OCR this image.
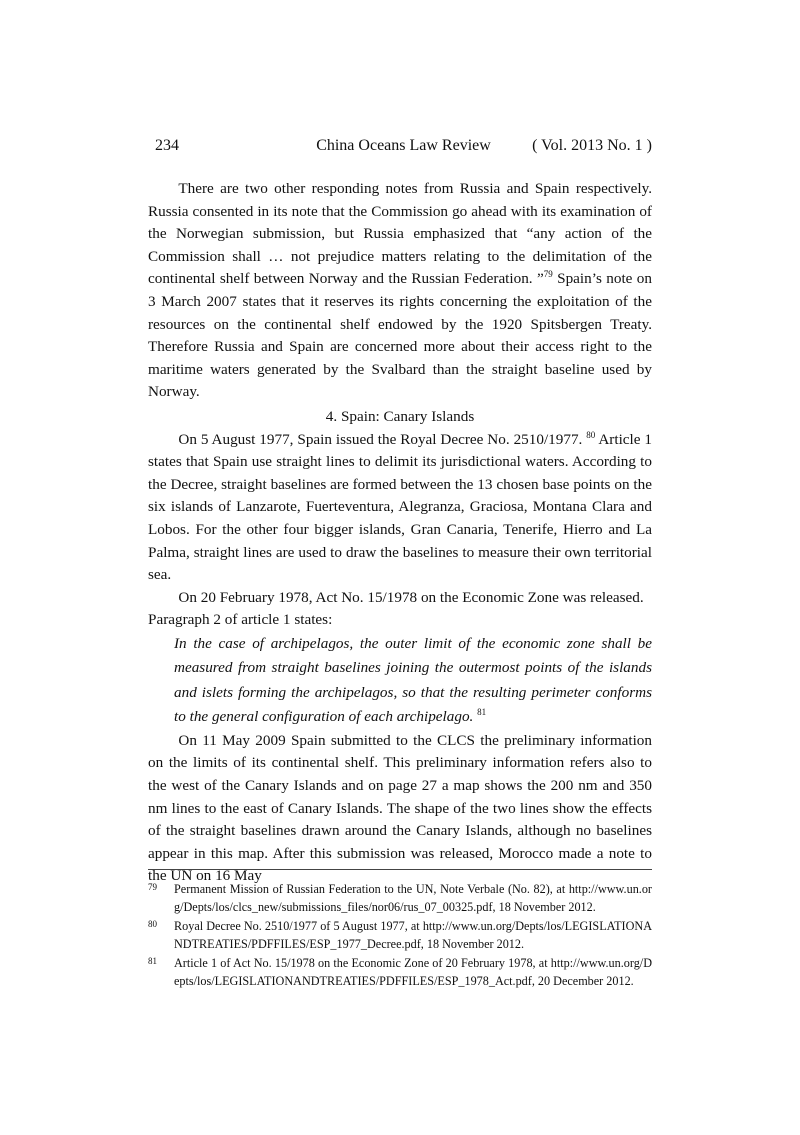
234	China Oceans Law Review	( Vol. 2013 No. 1 )

There are two other responding notes from Russia and Spain respectively. Russia consented in its note that the Commission go ahead with its examination of the Norwegian submission, but Russia emphasized that “any action of the Commission shall … not prejudice matters relating to the delimitation of the continental shelf between Norway and the Russian Federation. ”$^{79}$ Spain’s note on 3 March 2007 states that it reserves its rights concerning the exploitation of the resources on the continental shelf endowed by the 1920 Spitsbergen Treaty. Therefore Russia and Spain are concerned more about their access right to the maritime waters generated by the Svalbard than the straight baseline used by Norway.

4. Spain: Canary Islands

On 5 August 1977, Spain issued the Royal Decree No. 2510/1977. $^{80}$ Article 1 states that Spain use straight lines to delimit its jurisdictional waters. According to the Decree, straight baselines are formed between the 13 chosen base points on the six islands of Lanzarote, Fuerteventura, Alegranza, Graciosa, Montana Clara and Lobos. For the other four bigger islands, Gran Canaria, Tenerife, Hierro and La Palma, straight lines are used to draw the baselines to measure their own territorial sea.

On 20 February 1978, Act No. 15/1978 on the Economic Zone was released.

Paragraph 2 of article 1 states:

In the case of archipelagos, the outer limit of the economic zone shall be measured from straight baselines joining the outermost points of the islands and islets forming the archipelagos, so that the resulting perimeter conforms to the general configuration of each archipelago. $^{81}$

On 11 May 2009 Spain submitted to the CLCS the preliminary information on the limits of its continental shelf. This preliminary information refers also to the west of the Canary Islands and on page 27 a map shows the 200 nm and 350 nm lines to the east of Canary Islands. The shape of the two lines show the effects of the straight baselines drawn around the Canary Islands, although no baselines appear in this map. After this submission was released, Morocco made a note to the UN on 16 May

79 Permanent Mission of Russian Federation to the UN, Note Verbale (No. 82), at http://www.un.org/Depts/los/clcs_new/submissions_files/nor06/rus_07_00325.pdf, 18 November 2012.
80 Royal Decree No. 2510/1977 of 5 August 1977, at http://www.un.org/Depts/los/LEGISLATIONANDTREATIES/PDFFILES/ESP_1977_Decree.pdf, 18 November 2012.
81 Article 1 of Act No. 15/1978 on the Economic Zone of 20 February 1978, at http://www.un.org/Depts/los/LEGISLATIONANDTREATIES/PDFFILES/ESP_1978_Act.pdf, 20 December 2012.
